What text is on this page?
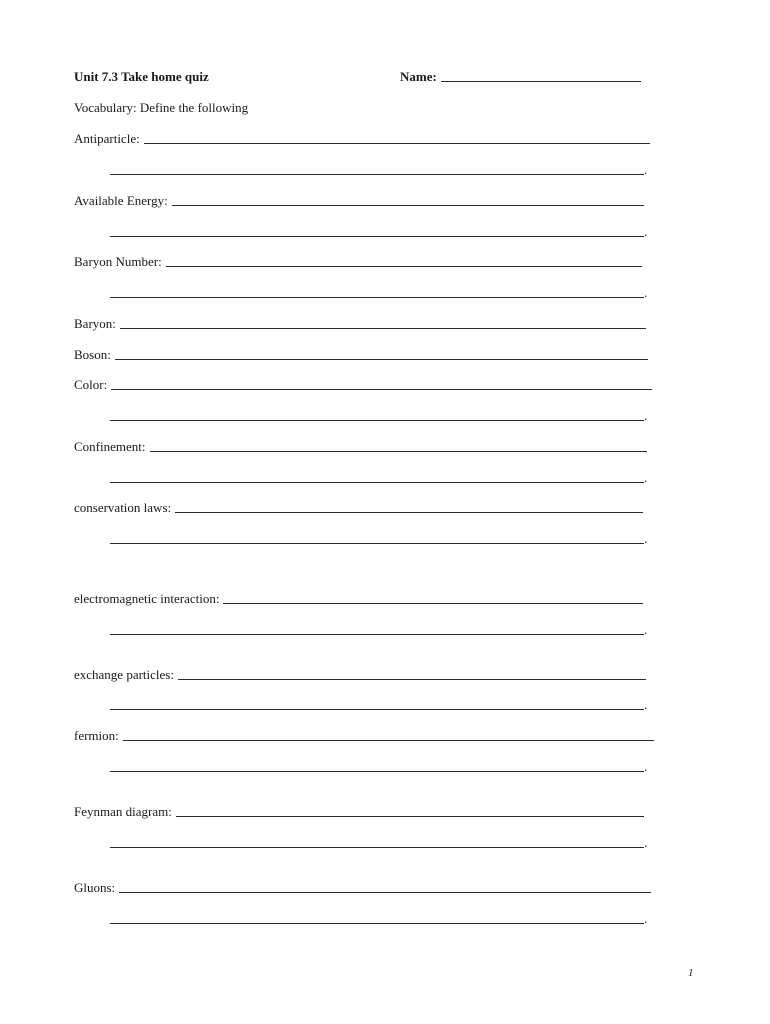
Unit 7.3 Take home quiz	Name:
Vocabulary: Define the following
Antiparticle:
.
Available Energy:
.
Baryon Number:
.
Baryon:
Boson:
Color:
.
Confinement:
.
conservation laws:
.
electromagnetic interaction:
.
exchange particles:
.
fermion:
.
Feynman diagram:
.
Gluons:
.
1
